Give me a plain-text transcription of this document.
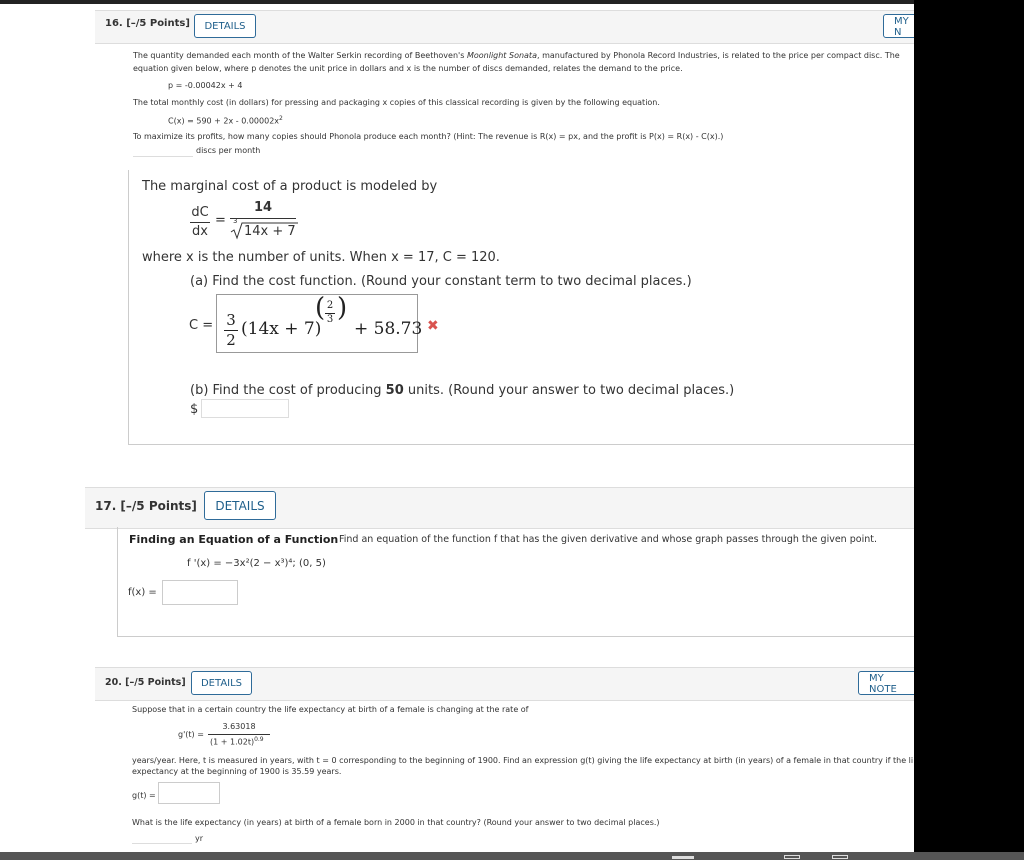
16. [–/5 Points]	DETAILS	MY N
The quantity demanded each month of the Walter Serkin recording of Beethoven's Moonlight Sonata, manufactured by Phonola Record Industries, is related to the price per compact disc. The
equation given below, where p denotes the unit price in dollars and x is the number of discs demanded, relates the demand to the price.
p = -0.00042x + 4
The total monthly cost (in dollars) for pressing and packaging x copies of this classical recording is given by the following equation.
$C(x) = 590 + 2x - 0.00002x^2$
To maximize its profits, how many copies should Phonola produce each month? (Hint: The revenue is R(x) = px, and the profit is P(x) = R(x) - C(x).)
discs per month
The marginal cost of a product is modeled by
dC
dx
=
14
3
14x + 7
where x is the number of units. When x = 17, C = 120.
(a) Find the cost function. (Round your constant term to two decimal places.)
C = 3
2
(14x + 7)
( 2
3 )
+ 58.73 ✖
(b) Find the cost of producing 50 units. (Round your answer to two decimal places.)
$
17. [–/5 Points]	DETAILS
Finding an Equation of a Function Find an equation of the function f that has the given derivative and whose graph passes through the given point.
f '(x) = −3x²(2 − x³)⁴; (0, 5)
f(x) =
20. [–/5 Points]	DETAILS	MY NOTE
Suppose that in a certain country the life expectancy at birth of a female is changing at the rate of
g'(t) =
3.63018
$(1 + 1.02t)^{0.9}$
years/year. Here, t is measured in years, with t = 0 corresponding to the beginning of 1900. Find an expression g(t) giving the life expectancy at birth (in years) of a female in that country if the li
expectancy at the beginning of 1900 is 35.59 years.
g(t) =
What is the life expectancy (in years) at birth of a female born in 2000 in that country? (Round your answer to two decimal places.)
yr
